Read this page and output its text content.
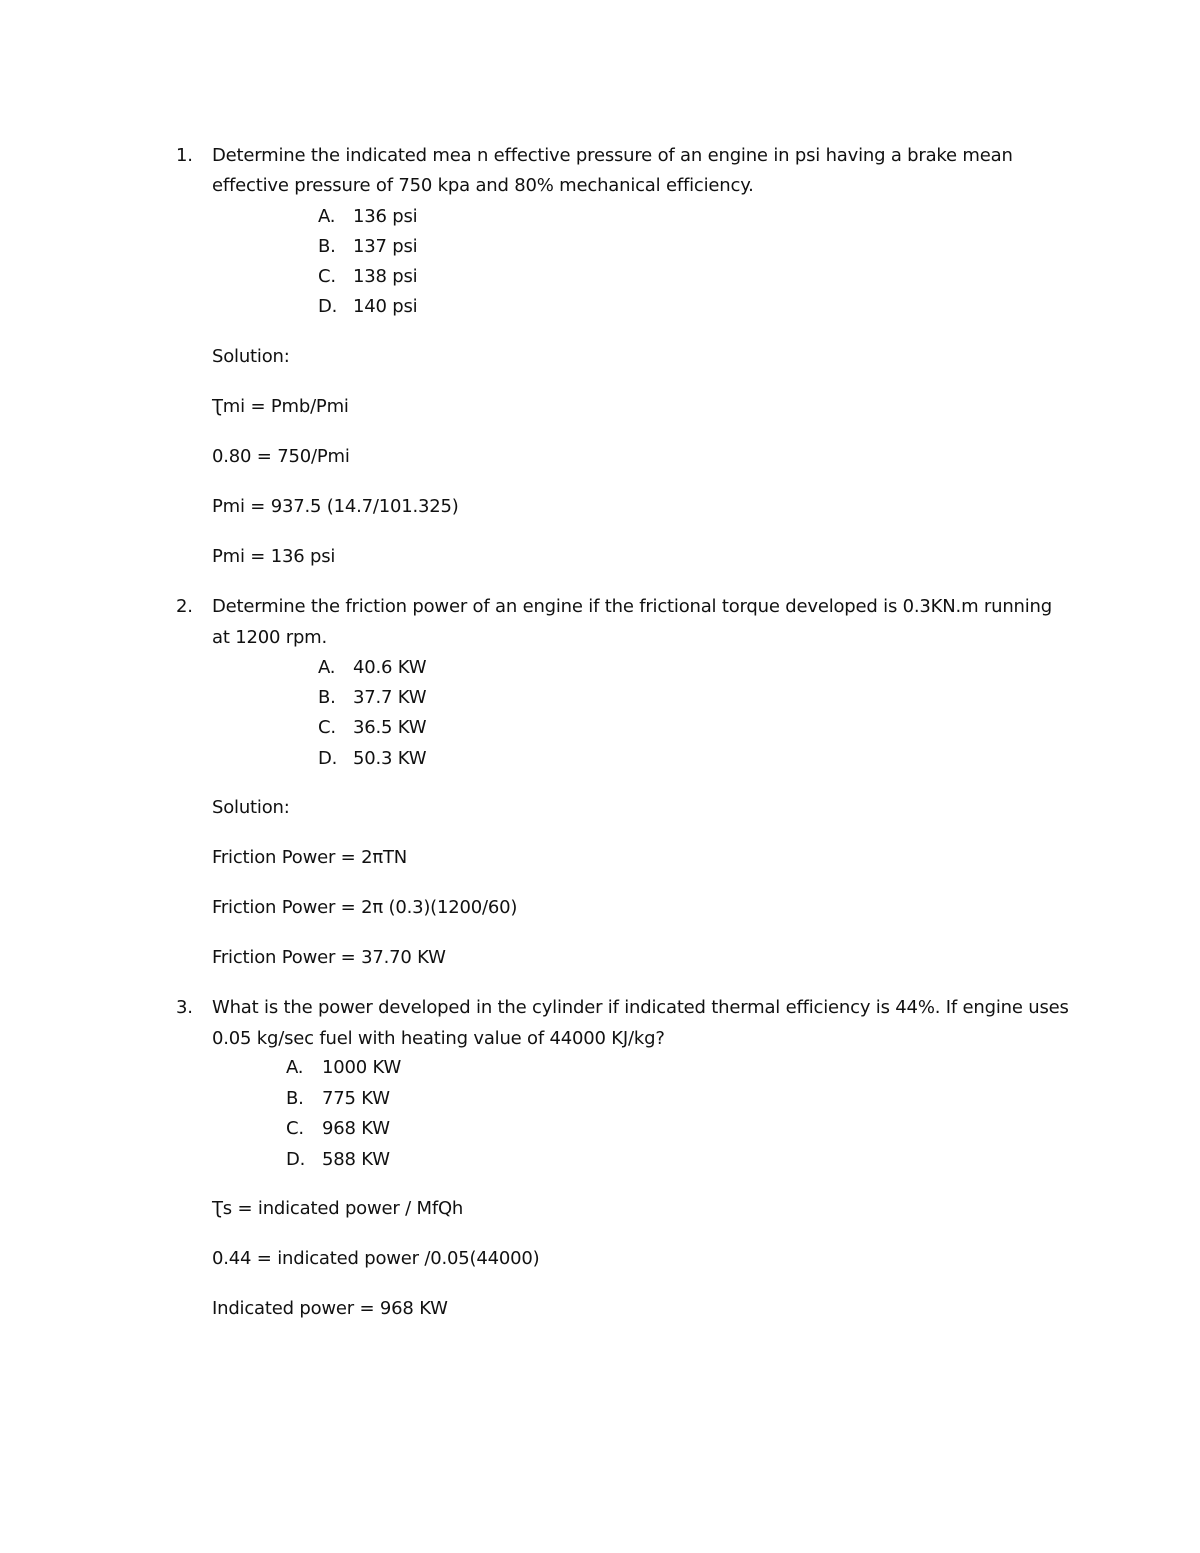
1. Determine the indicated mea n effective pressure of an engine in psi having a brake mean
effective pressure of 750 kpa and 80% mechanical efficiency.
A. 136 psi
B. 137 psi
C. 138 psi
D. 140 psi
Solution:
Ʈmi = Pmb/Pmi
0.80 = 750/Pmi
Pmi = 937.5 (14.7/101.325)
Pmi = 136 psi
2. Determine the friction power of an engine if the frictional torque developed is 0.3KN.m running
at 1200 rpm.
A. 40.6 KW
B. 37.7 KW
C. 36.5 KW
D. 50.3 KW
Solution:
Friction Power = 2πTN
Friction Power = 2π (0.3)(1200/60)
Friction Power = 37.70 KW
3. What is the power developed in the cylinder if indicated thermal efficiency is 44%. If engine uses
0.05 kg/sec fuel with heating value of 44000 KJ/kg?
A. 1000 KW
B. 775 KW
C. 968 KW
D. 588 KW
Ʈs = indicated power / MfQh
0.44 = indicated power /0.05(44000)
Indicated power = 968 KW
